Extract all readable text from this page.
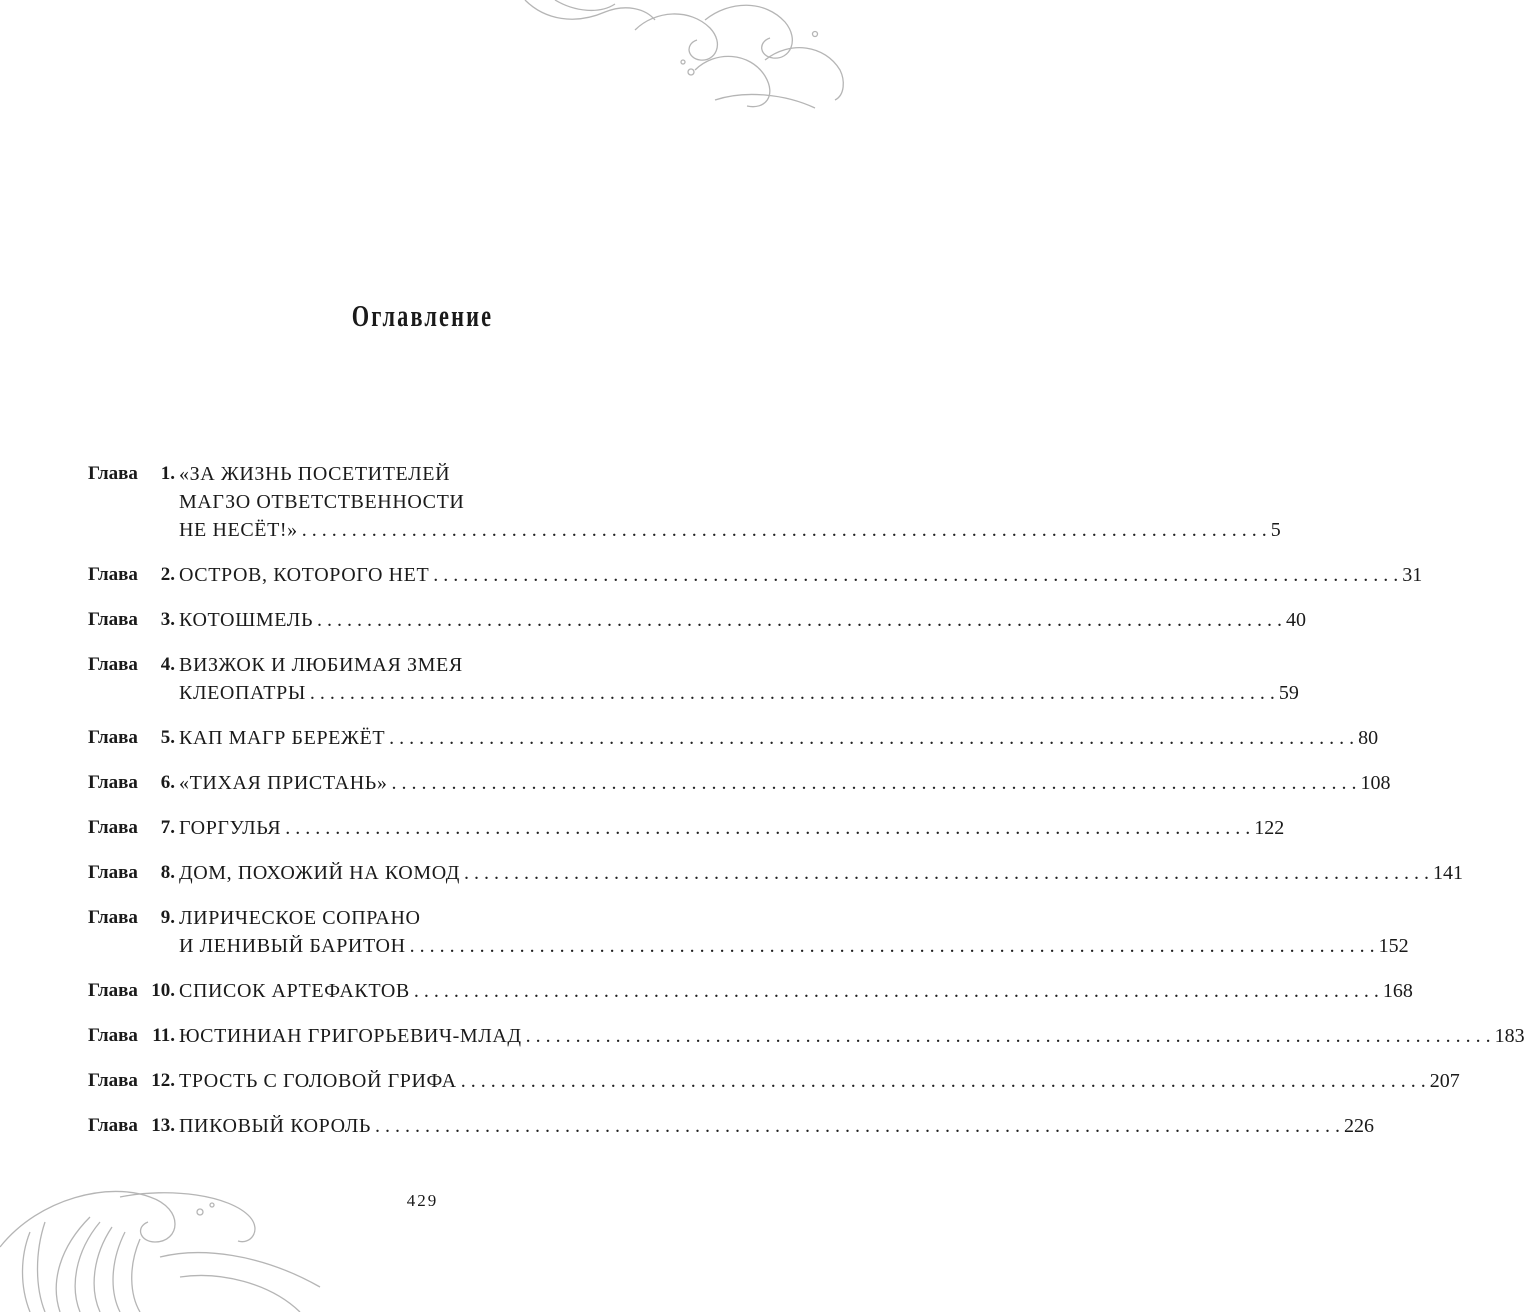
Оглавление
Глава	1. «ЗА ЖИЗНЬ ПОСЕТИТЕЛЕЙ
МАГЗО ОТВЕТСТВЕННОСТИ
НЕ НЕСЁТ!» . . .	5
Глава	2. ОСТРОВ, КОТОРОГО НЕТ . . .	31
Глава	3. КОТОШМЕЛЬ . . .	40
Глава	4. ВИЗЖОК И ЛЮБИМАЯ ЗМЕЯ
КЛЕОПАТРЫ . . .	59
Глава	5. КАП МАГР БЕРЕЖЁТ . . .	80
Глава	6. «ТИХАЯ ПРИСТАНЬ» . . .	108
Глава	7. ГОРГУЛЬЯ . . .	122
Глава	8. ДОМ, ПОХОЖИЙ НА КОМОД . . .	141
Глава	9. ЛИРИЧЕСКОЕ СОПРАНО
И ЛЕНИВЫЙ БАРИТОН . . .	152
Глава 10. СПИСОК АРТЕФАКТОВ . . .	168
Глава 11. ЮСТИНИАН ГРИГОРЬЕВИЧ-МЛАД . . .	183
Глава 12. ТРОСТЬ С ГОЛОВОЙ ГРИФА . . .	207
Глава 13. ПИКОВЫЙ КОРОЛЬ . . .	226
429
